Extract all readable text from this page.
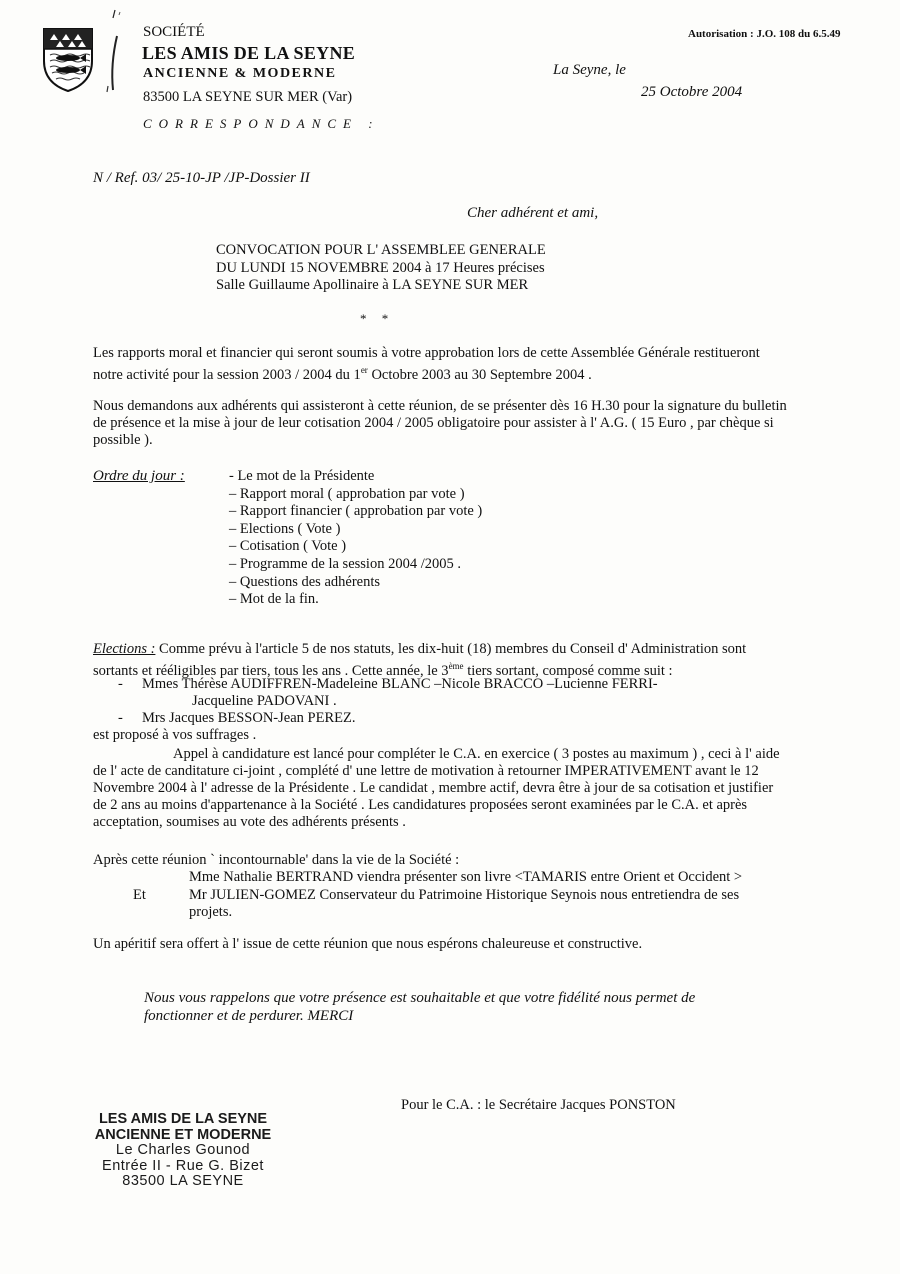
SOCIÉTÉ
LES AMIS DE LA SEYNE
ANCIENNE & MODERNE
83500 LA SEYNE SUR MER (Var)
CORRESPONDANCE :
Autorisation : J.O. 108 du 6.5.49
La Seyne, le
25 Octobre 2004
N / Ref. 03/ 25-10-JP /JP-Dossier II
Cher adhérent et ami,
CONVOCATION POUR L' ASSEMBLEE GENERALE
DU LUNDI 15 NOVEMBRE 2004 à 17 Heures précises
Salle Guillaume Apollinaire à LA SEYNE SUR MER
* *

Les rapports moral et financier qui seront soumis à votre approbation lors de cette Assemblée Générale restitueront notre activité pour la session 2003 / 2004 du 1er Octobre 2003 au 30 Septembre 2004 .

Nous demandons aux adhérents qui assisteront à cette réunion, de se présenter dès 16 H.30 pour la signature du bulletin de présence et la mise à jour de leur cotisation 2004 / 2005 obligatoire pour assister à l' A.G. ( 15 Euro , par chèque si possible ).

Ordre du jour :	- Le mot de la Présidente
– Rapport moral ( approbation par vote )
– Rapport financier ( approbation par vote )
– Elections ( Vote )
– Cotisation ( Vote )
– Programme de la session 2004 /2005 .
– Questions des adhérents
– Mot de la fin.

Elections : Comme prévu à l'article 5 de nos statuts, les dix-huit (18) membres du Conseil d' Administration sont sortants et rééligibles par tiers, tous les ans . Cette année, le 3ème tiers sortant, composé comme suit :

- Mmes Thérèse AUDIFFREN-Madeleine BLANC –Nicole BRACCO –Lucienne FERRI-
Jacqueline PADOVANI .
- Mrs Jacques BESSON-Jean PEREZ.
est proposé à vos suffrages .

Appel à candidature est lancé pour compléter le C.A. en exercice ( 3 postes au maximum ) , ceci à l' aide de l' acte de canditature ci-joint , complété d' une lettre de motivation à retourner IMPERATIVEMENT avant le 12 Novembre 2004 à l' adresse de la Présidente . Le candidat , membre actif, devra être à jour de sa cotisation et justifier de 2 ans au moins d'appartenance à la Société . Les candidatures proposées seront examinées par le C.A. et après acceptation, soumises au vote des adhérents présents .

Après cette réunion ` incontournable' dans la vie de la Société :
Mme Nathalie BERTRAND viendra présenter son livre <TAMARIS entre Orient et Occident >
Et	Mr JULIEN-GOMEZ Conservateur du Patrimoine Historique Seynois nous entretiendra de ses projets.
Un apéritif sera offert à l' issue de cette réunion que nous espérons chaleureuse et constructive.

Nous vous rappelons que votre présence est souhaitable et que votre fidélité nous permet de fonctionner et de perdurer. MERCI

Pour le C.A. : le Secrétaire Jacques PONSTON
LES AMIS DE LA SEYNE
ANCIENNE ET MODERNE
Le Charles Gounod
Entrée II - Rue G. Bizet
83500 LA SEYNE
